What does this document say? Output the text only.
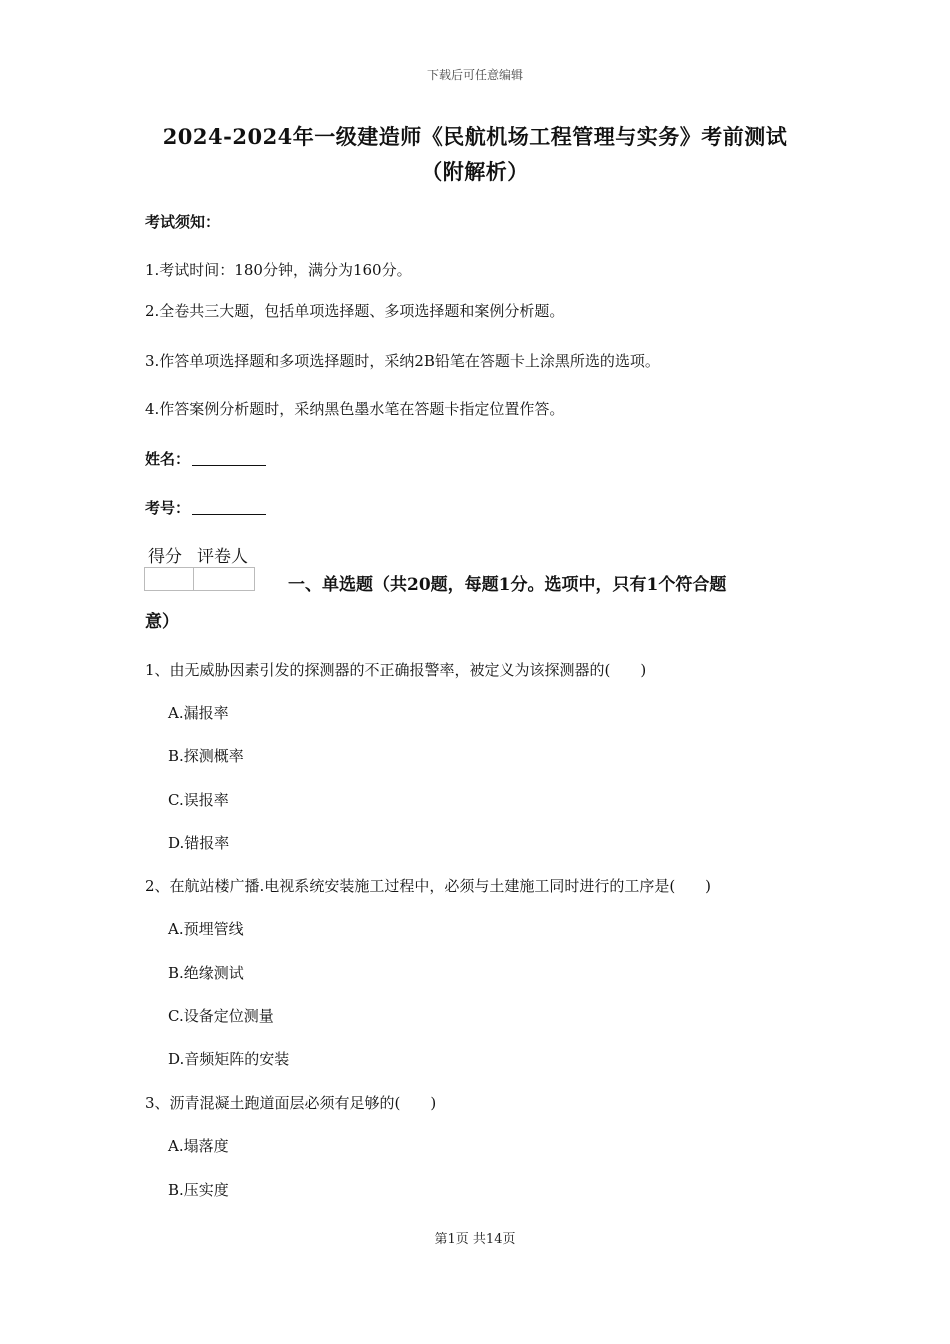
下载后可任意编辑
2024-2024年一级建造师《民航机场工程管理与实务》考前测试
（附解析）
考试须知：
1.考试时间：180分钟，满分为160分。
2.全卷共三大题，包括单项选择题、多项选择题和案例分析题。
3.作答单项选择题和多项选择题时，采纳2B铅笔在答题卡上涂黑所选的选项。
4.作答案例分析题时，采纳黑色墨水笔在答题卡指定位置作答。
姓名：
考号：
得分	评卷人

一、单选题（共20题，每题1分。选项中，只有1个符合题
意）
1、由无威胁因素引发的探测器的不正确报警率，被定义为该探测器的(　　)
A.漏报率
B.探测概率
C.误报率
D.错报率
2、在航站楼广播.电视系统安装施工过程中，必须与土建施工同时进行的工序是(　　)
A.预埋管线
B.绝缘测试
C.设备定位测量
D.音频矩阵的安装
3、沥青混凝土跑道面层必须有足够的(　　)
A.塌落度
B.压实度
第1页 共14页
